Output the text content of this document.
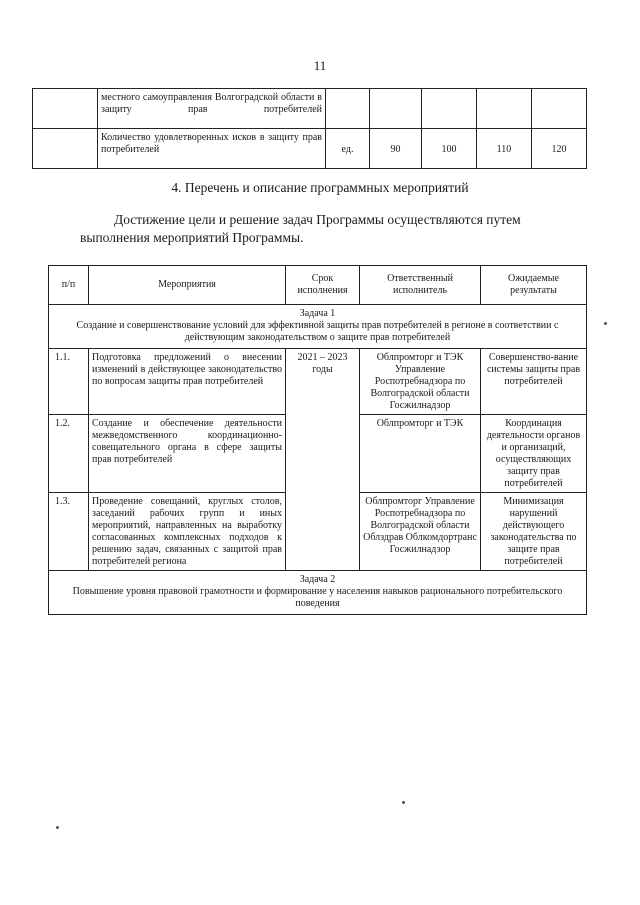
11
	местного самоуправления Волгоградской области в защиту прав потребителей					
	Количество удовлетворенных исков в защиту прав потребителей	ед.	90	100	110	120
4. Перечень и описание программных мероприятий
Достижение цели и решение задач Программы осуществляются путем
выполнения мероприятий Программы.
п/п	Мероприятия	Срок исполнения	Ответственный исполнитель	Ожидаемые результаты

Задача 1
Создание и совершенствование условий для эффективной защиты прав потребителей в регионе в соответствии с действующим законодательством о защите прав потребителей				

1.1.	Подготовка предложений о внесении изменений в действующее законодательство по вопросам защиты прав потребителей	2021 – 2023 годы	Облпромторг и ТЭК Управление Роспотребнадзора по Волгоградской области Госжилнадзор	Совершенство-вание системы защиты прав потребителей
1.2.	Создание и обеспечение деятельности межведомственного координационно-совещательного органа в сфере защиты прав потребителей		Облпромторг и ТЭК	Координация деятельности органов и организаций, осуществляющих защиту прав потребителей
1.3.	Проведение совещаний, круглых столов, заседаний рабочих групп и иных мероприятий, направленных на выработку согласованных комплексных подходов к решению задач, связанных с защитой прав потребителей региона		Облпромторг Управление Роспотребнадзора по Волгоградской области Облздрав Облкомдортранс Госжилнадзор	Минимизация нарушений действующего законодательства по защите прав потребителей

Задача 2
Повышение уровня правовой грамотности и формирование у населения навыков рационального потребительского поведения				
